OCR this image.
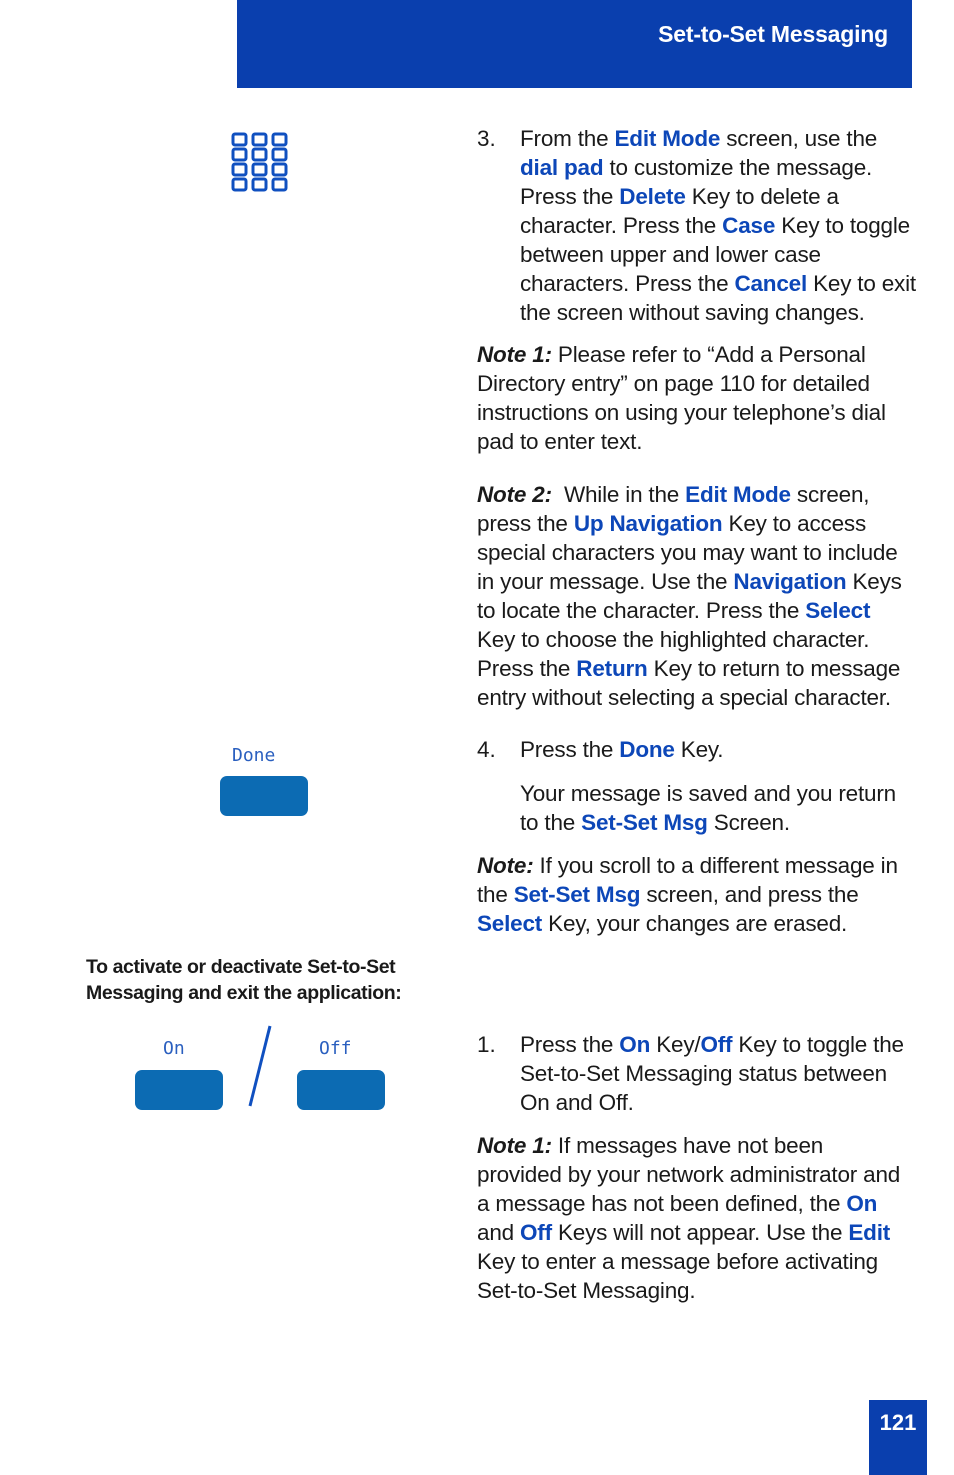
Set-to-Set Messaging
3. From the Edit Mode screen, use the dial pad to customize the message. Press the Delete Key to delete a character. Press the Case Key to toggle between upper and lower case characters. Press the Cancel Key to exit the screen without saving changes.
Note 1: Please refer to “Add a Personal Directory entry” on page 110 for detailed instructions on using your telephone’s dial pad to enter text.
Note 2:  While in the Edit Mode screen, press the Up Navigation Key to access special characters you may want to include in your message. Use the Navigation Keys to locate the character. Press the Select Key to choose the highlighted character. Press the Return Key to return to message entry without selecting a special character.
Done	4. Press the Done Key.
Your message is saved and you return to the Set-Set Msg Screen.
Note: If you scroll to a different message in the Set-Set Msg screen, and press the Select Key, your changes are erased.
To activate or deactivate Set-to-Set Messaging and exit the application:
On	Off	1. Press the On Key/Off Key to toggle the Set-to-Set Messaging status between On and Off.
Note 1: If messages have not been provided by your network administrator and a message has not been defined, the On and Off Keys will not appear. Use the Edit Key to enter a message before activating Set-to-Set Messaging.
121
